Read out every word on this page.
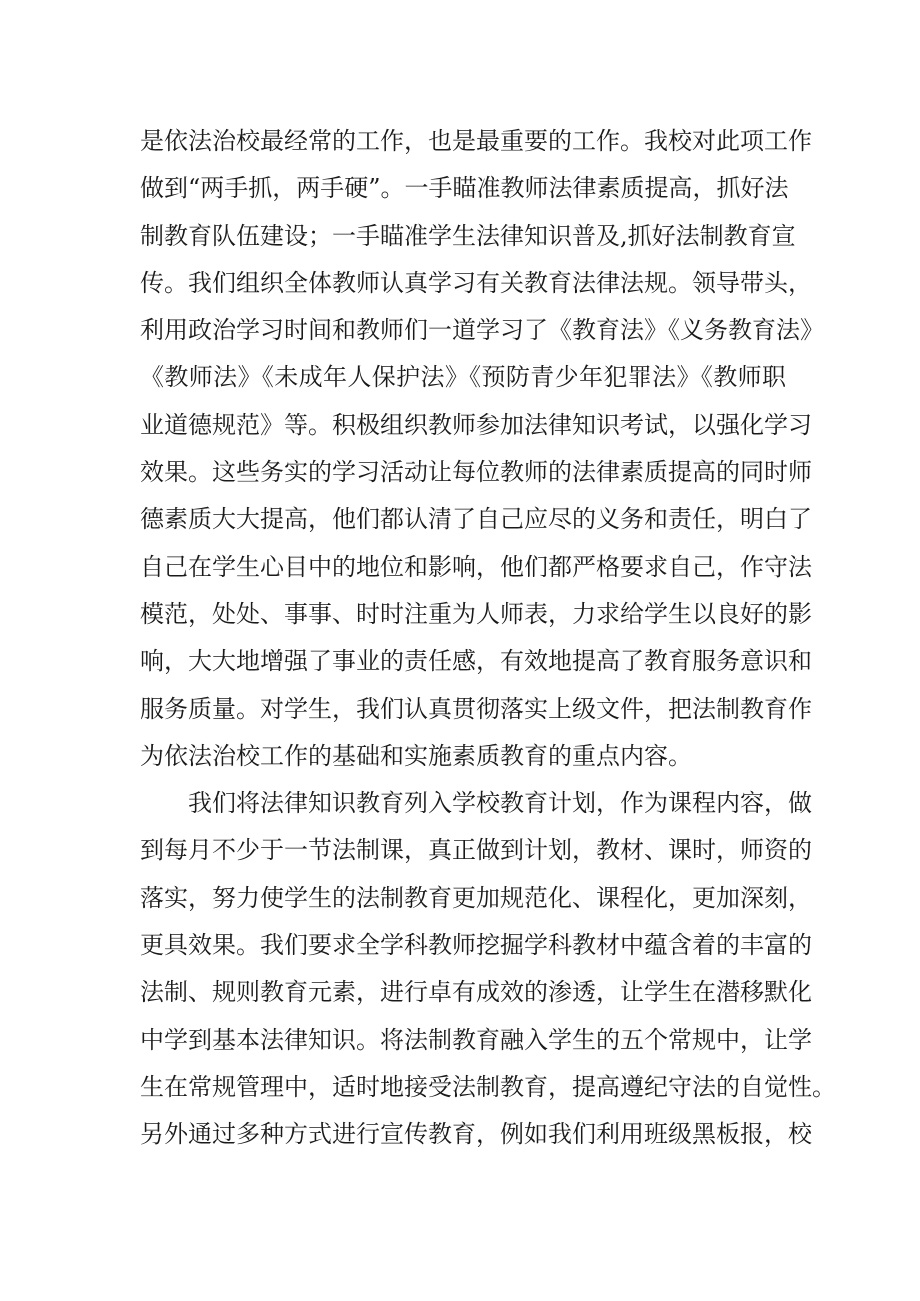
是依法治校最经常的工作，也是最重要的工作。我校对此项工作
做到“两手抓，两手硬”。一手瞄准教师法律素质提高，抓好法
制教育队伍建设；一手瞄准学生法律知识普及,抓好法制教育宣
传。我们组织全体教师认真学习有关教育法律法规。领导带头，
利用政治学习时间和教师们一道学习了《教育法》《义务教育法》
《教师法》《未成年人保护法》《预防青少年犯罪法》《教师职
业道德规范》等。积极组织教师参加法律知识考试，以强化学习
效果。这些务实的学习活动让每位教师的法律素质提高的同时师
德素质大大提高，他们都认清了自己应尽的义务和责任，明白了
自己在学生心目中的地位和影响，他们都严格要求自己，作守法
模范，处处、事事、时时注重为人师表，力求给学生以良好的影
响，大大地增强了事业的责任感，有效地提高了教育服务意识和
服务质量。对学生，我们认真贯彻落实上级文件，把法制教育作
为依法治校工作的基础和实施素质教育的重点内容。
我们将法律知识教育列入学校教育计划，作为课程内容，做
到每月不少于一节法制课，真正做到计划，教材、课时，师资的
落实，努力使学生的法制教育更加规范化、课程化，更加深刻，
更具效果。我们要求全学科教师挖掘学科教材中蕴含着的丰富的
法制、规则教育元素，进行卓有成效的渗透，让学生在潜移默化
中学到基本法律知识。将法制教育融入学生的五个常规中，让学
生在常规管理中，适时地接受法制教育，提高遵纪守法的自觉性。
另外通过多种方式进行宣传教育，例如我们利用班级黑板报，校
